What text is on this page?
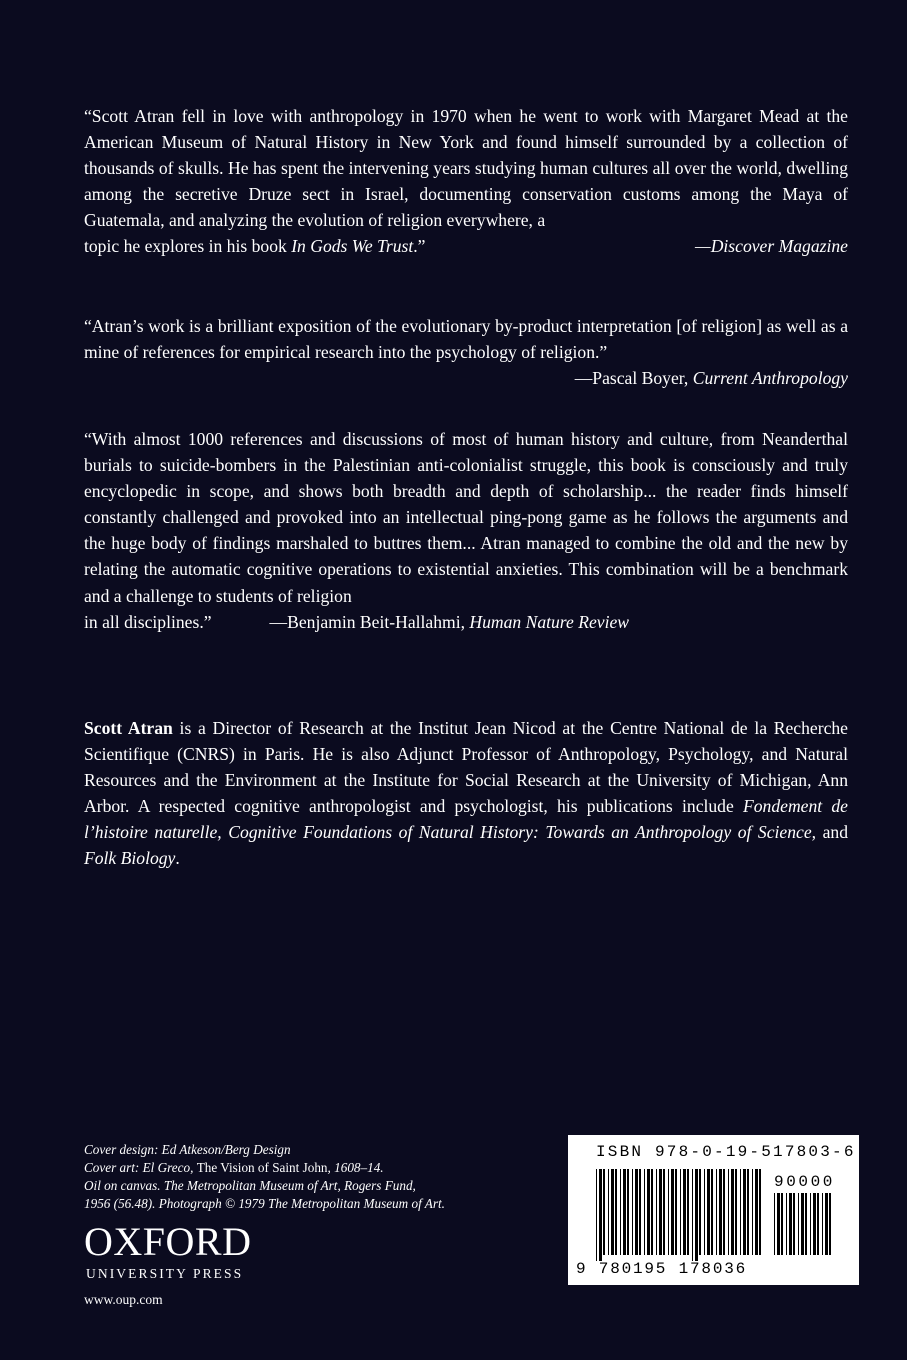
“Scott Atran fell in love with anthropology in 1970 when he went to work with Margaret Mead at the American Museum of Natural History in New York and found himself surrounded by a collection of thousands of skulls. He has spent the intervening years studying human cultures all over the world, dwelling among the secretive Druze sect in Israel, documenting conservation customs among the Maya of Guatemala, and analyzing the evolution of religion everywhere, a

topic he explores in his book In Gods We Trust.”	—Discover Magazine

“Atran’s work is a brilliant exposition of the evolutionary by-product interpretation [of religion] as well as a mine of references for empirical research into the psychology of religion.”

—Pascal Boyer, Current Anthropology

“With almost 1000 references and discussions of most of human history and culture, from Neanderthal burials to suicide-bombers in the Palestinian anti-colonialist struggle, this book is consciously and truly encyclopedic in scope, and shows both breadth and depth of scholarship... the reader finds himself constantly challenged and provoked into an intellectual ping-pong game as he follows the arguments and the huge body of findings marshaled to buttres them... Atran managed to combine the old and the new by relating the automatic cognitive operations to existential anxieties. This combination will be a benchmark and a challenge to students of religion

in all disciplines.”	—Benjamin Beit-Hallahmi, Human Nature Review

Scott Atran is a Director of Research at the Institut Jean Nicod at the Centre National de la Recherche Scientifique (CNRS) in Paris. He is also Adjunct Professor of Anthropology, Psychology, and Natural Resources and the Environment at the Institute for Social Research at the University of Michigan, Ann Arbor. A respected cognitive anthropologist and psychologist, his publications include Fondement de l’histoire naturelle, Cognitive Foundations of Natural History: Towards an Anthropology of Science, and Folk Biology.

Cover design: Ed Atkeson/Berg Design
Cover art: El Greco, The Vision of Saint John, 1608–14.
Oil on canvas. The Metropolitan Museum of Art, Rogers Fund,
1956 (56.48). Photograph © 1979 The Metropolitan Museum of Art.
OXFORD
UNIVERSITY PRESS
www.oup.com
ISBN 978-0-19-517803-6
90000
9 780195 178036
